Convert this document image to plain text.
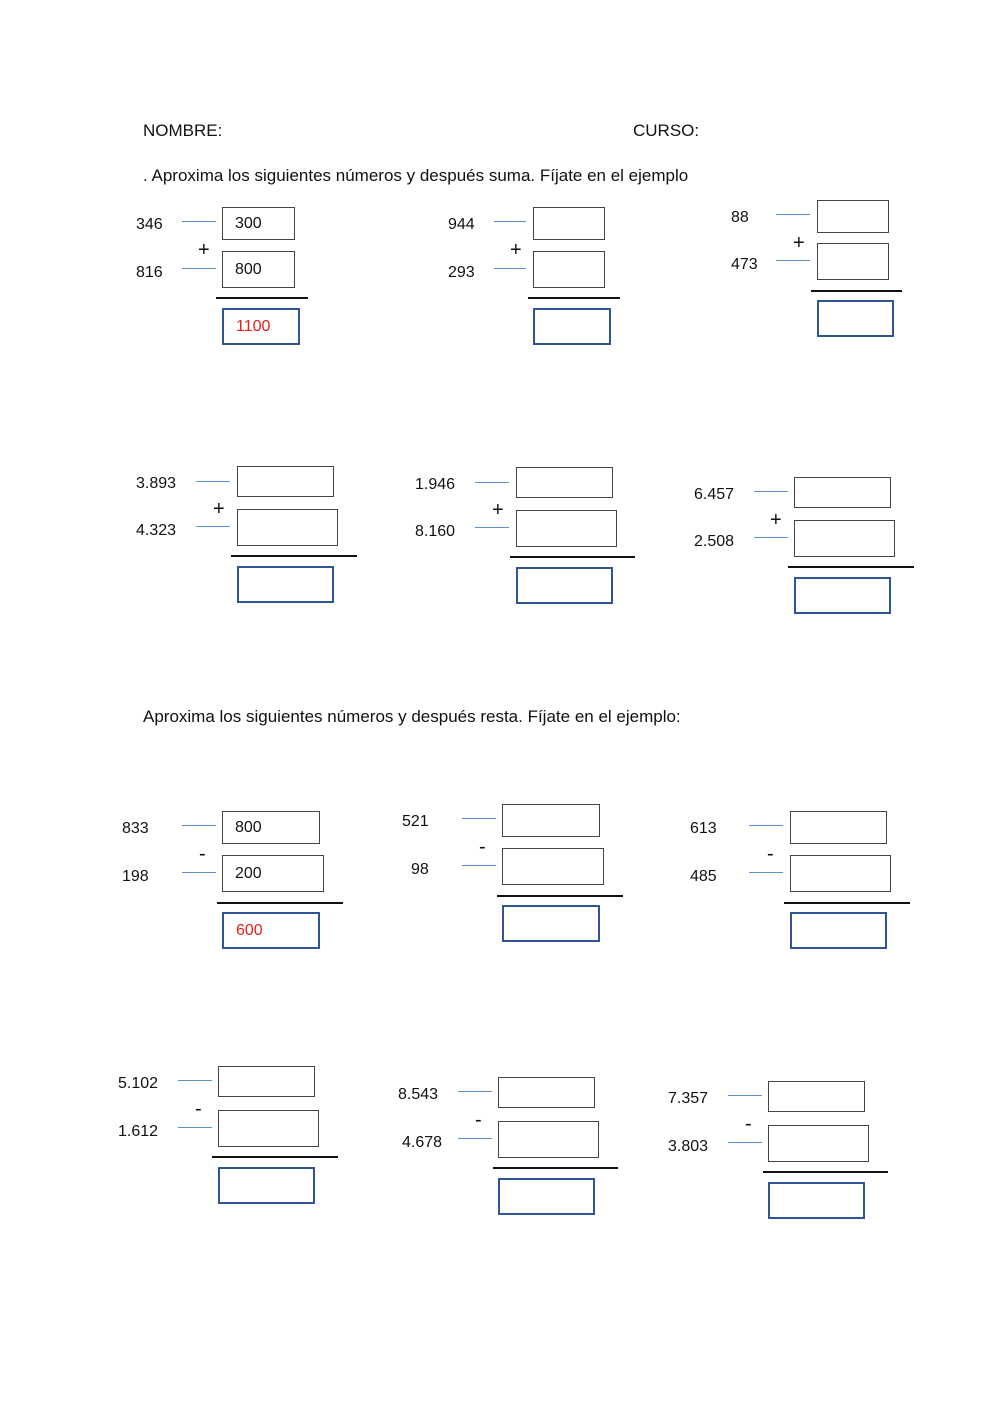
NOMBRE:	CURSO:
. Aproxima los siguientes números y después suma. Fíjate en el ejemplo
Aproxima los siguientes números y después resta. Fíjate en el ejemplo:
346	300
+
816	800
1100
944
+
293
88
+
473
3.893
+
4.323
1.946
+
8.160
6.457
+
2.508
833	800
-
198	200
600
521
-
98
613
-
485
5.102
-
1.612
8.543
-
4.678
7.357
-
3.803
